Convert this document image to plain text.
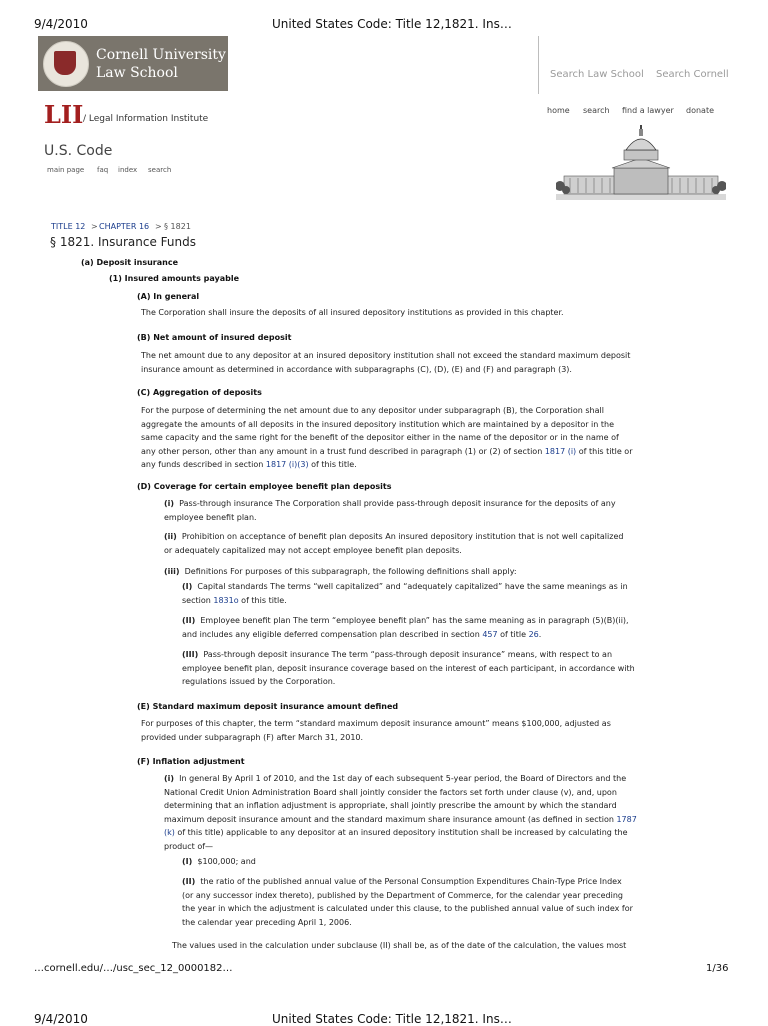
9/4/2010	United States Code: Title 12,1821. Ins…
Cornell University
Law School	Search Law School Search Cornell
home search find a lawyer donate
LII / Legal Information Institute
U.S. Code
main page faq index search
TITLE 12 > CHAPTER 16 > § 1821
§ 1821. Insurance Funds
(a) Deposit insurance
(1) Insured amounts payable
(A) In general
The Corporation shall insure the deposits of all insured depository institutions as provided in this chapter.
(B) Net amount of insured deposit
The net amount due to any depositor at an insured depository institution shall not exceed the standard maximum deposit
insurance amount as determined in accordance with subparagraphs (C), (D), (E) and (F) and paragraph (3).
(C) Aggregation of deposits
For the purpose of determining the net amount due to any depositor under subparagraph (B), the Corporation shall
aggregate the amounts of all deposits in the insured depository institution which are maintained by a depositor in the
same capacity and the same right for the benefit of the depositor either in the name of the depositor or in the name of
any other person, other than any amount in a trust fund described in paragraph (1) or (2) of section 1817 (i) of this title or
any funds described in section 1817 (i)(3) of this title.
(D) Coverage for certain employee benefit plan deposits
(i) Pass-through insurance The Corporation shall provide pass-through deposit insurance for the deposits of any
employee benefit plan.
(ii) Prohibition on acceptance of benefit plan deposits An insured depository institution that is not well capitalized
or adequately capitalized may not accept employee benefit plan deposits.
(iii) Definitions For purposes of this subparagraph, the following definitions shall apply:
(I) Capital standards The terms “well capitalized” and “adequately capitalized” have the same meanings as in
section 1831o of this title.
(II) Employee benefit plan The term “employee benefit plan” has the same meaning as in paragraph (5)(B)(ii),
and includes any eligible deferred compensation plan described in section 457 of title 26.
(III) Pass-through deposit insurance The term “pass-through deposit insurance” means, with respect to an
employee benefit plan, deposit insurance coverage based on the interest of each participant, in accordance with
regulations issued by the Corporation.
(E) Standard maximum deposit insurance amount defined
For purposes of this chapter, the term “standard maximum deposit insurance amount” means $100,000, adjusted as
provided under subparagraph (F) after March 31, 2010.
(F) Inflation adjustment
(i) In general By April 1 of 2010, and the 1st day of each subsequent 5-year period, the Board of Directors and the
National Credit Union Administration Board shall jointly consider the factors set forth under clause (v), and, upon
determining that an inflation adjustment is appropriate, shall jointly prescribe the amount by which the standard
maximum deposit insurance amount and the standard maximum share insurance amount (as defined in section 1787
(k) of this title) applicable to any depositor at an insured depository institution shall be increased by calculating the
product of—
(I) $100,000; and
(II) the ratio of the published annual value of the Personal Consumption Expenditures Chain-Type Price Index
(or any successor index thereto), published by the Department of Commerce, for the calendar year preceding
the year in which the adjustment is calculated under this clause, to the published annual value of such index for
the calendar year preceding April 1, 2006.
The values used in the calculation under subclause (II) shall be, as of the date of the calculation, the values most
…cornell.edu/…/usc_sec_12_0000182…	1/36
9/4/2010	United States Code: Title 12,1821. Ins…
